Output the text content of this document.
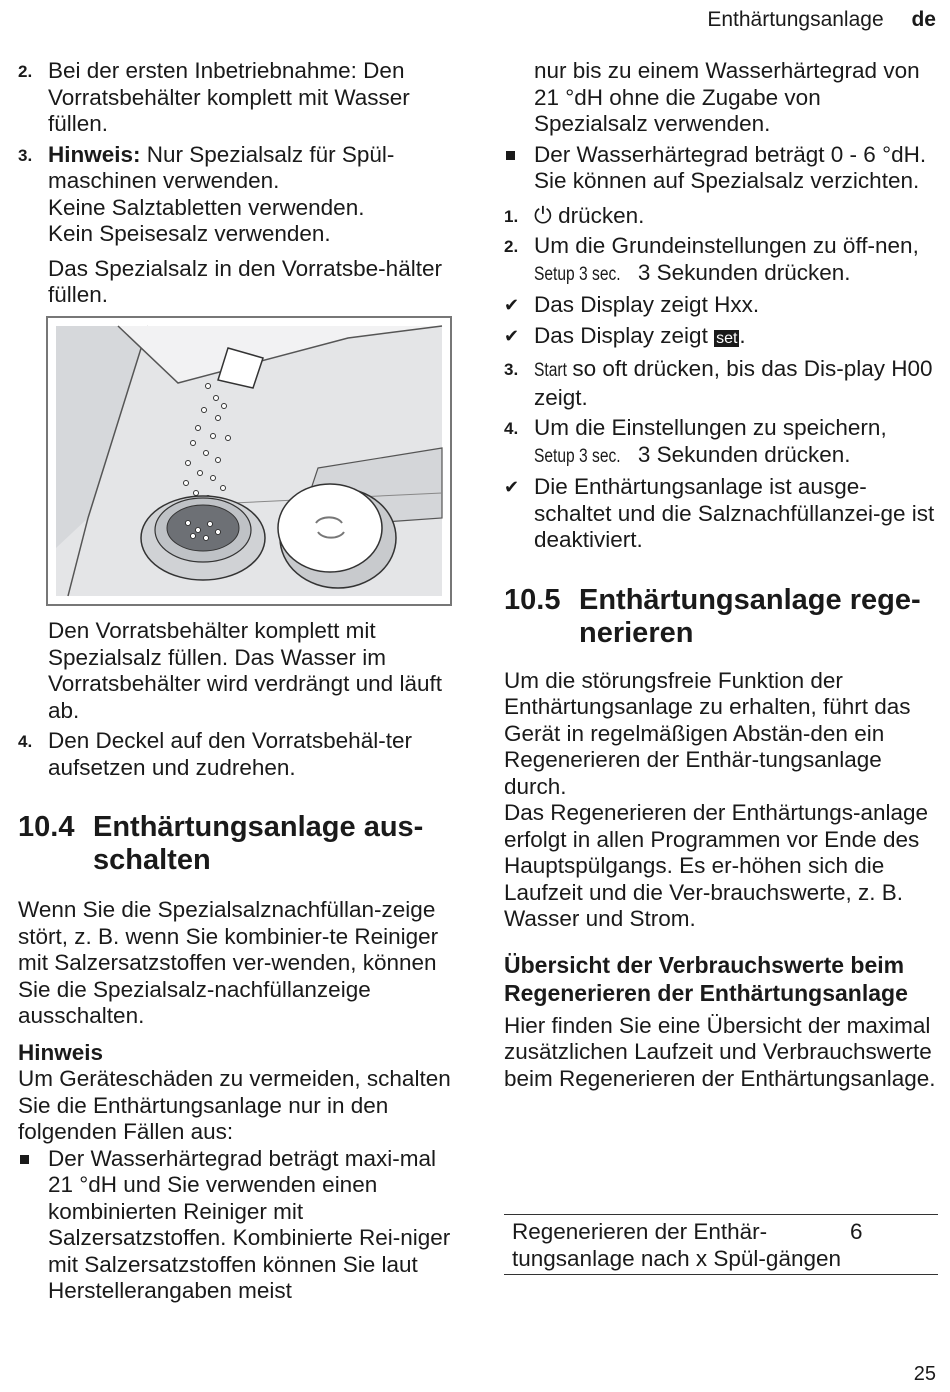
Enthärtungsanlage de
2. Bei der ersten Inbetriebnahme: Den Vorratsbehälter komplett mit Wasser füllen.
3. Hinweis: Nur Spezialsalz für Spül-maschinen verwenden.
Keine Salztabletten verwenden.
Kein Speisesalz verwenden.
Das Spezialsalz in den Vorratsbe-hälter füllen.
Den Vorratsbehälter komplett mit Spezialsalz füllen. Das Wasser im Vorratsbehälter wird verdrängt und läuft ab.
4. Den Deckel auf den Vorratsbehäl-ter aufsetzen und zudrehen.
10.4 Enthärtungsanlage aus-schalten

Wenn Sie die Spezialsalznachfüllan-zeige stört, z. B. wenn Sie kombinier-te Reiniger mit Salzersatzstoffen ver-wenden, können Sie die Spezialsalz-nachfüllanzeige ausschalten.

Hinweis

Um Geräteschäden zu vermeiden, schalten Sie die Enthärtungsanlage nur in den folgenden Fällen aus:

Der Wasserhärtegrad beträgt maxi-mal 21 °dH und Sie verwenden einen kombinierten Reiniger mit Salzersatzstoffen. Kombinierte Rei-niger mit Salzersatzstoffen können Sie laut Herstellerangaben meist
nur bis zu einem Wasserhärtegrad von 21 °dH ohne die Zugabe von Spezialsalz verwenden.
Der Wasserhärtegrad beträgt 0 - 6 °dH. Sie können auf Spezialsalz verzichten.
1. ⏻ drücken.
2. Um die Grundeinstellungen zu öff-nen, Setup 3 sec. 3 Sekunden drücken.
✔ Das Display zeigt Hxx.
✔ Das Display zeigt set.
3. Start so oft drücken, bis das Dis-play H00 zeigt.
4. Um die Einstellungen zu speichern, Setup 3 sec. 3 Sekunden drücken.
✔ Die Enthärtungsanlage ist ausge-schaltet und die Salznachfüllanzei-ge ist deaktiviert.
10.5 Enthärtungsanlage rege-nerieren

Um die störungsfreie Funktion der Enthärtungsanlage zu erhalten, führt das Gerät in regelmäßigen Abstän-den ein Regenerieren der Enthär-tungsanlage durch.

Das Regenerieren der Enthärtungs-anlage erfolgt in allen Programmen vor Ende des Hauptspülgangs. Es er-höhen sich die Laufzeit und die Ver-brauchswerte, z. B. Wasser und Strom.

Übersicht der Verbrauchswerte beim Regenerieren der Enthärtungsanlage

Hier finden Sie eine Übersicht der maximal zusätzlichen Laufzeit und Verbrauchswerte beim Regenerieren der Enthärtungsanlage.

Regenerieren der Enthär-tungsanlage nach x Spül-gängen
6
25
